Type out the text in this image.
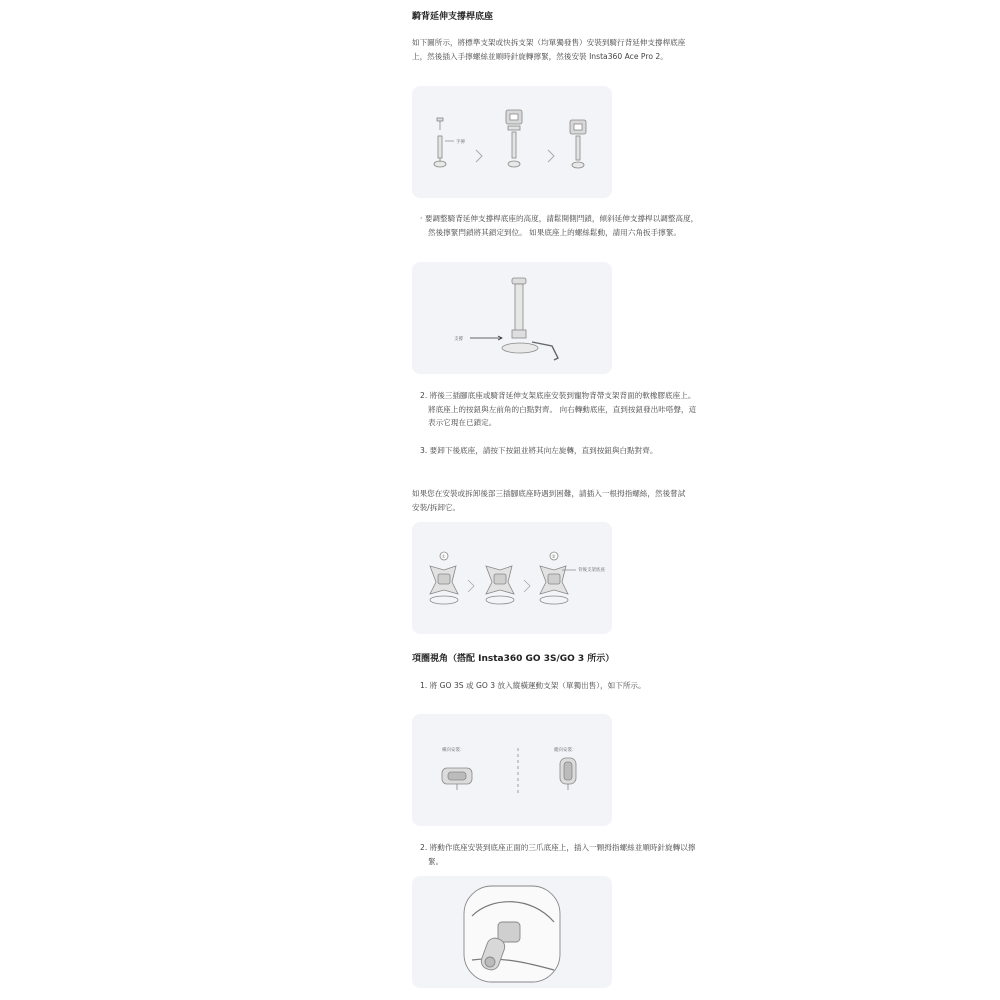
騎背延伸支撐桿底座
如下圖所示，將標準支架或快拆支架（均單獨發售）安裝到騎行背延伸支撐桿底座上，然後插入手擰螺絲並順時針旋轉擰緊，然後安裝 Insta360 Ace Pro 2。
手擰
· 要調整騎背延伸支撐桿底座的高度，請鬆開側閂鎖，傾斜延伸支撐桿以調整高度，然後擰緊閂鎖將其鎖定到位。 如果底座上的螺絲鬆動，請用六角扳手擰緊。
支撐
2. 將後三插腳底座或騎背延伸支架底座安裝到寵物背帶支架背面的軟橡膠底座上。 將底座上的按鈕與左前角的白點對齊。 向右轉動底座，直到按鈕發出咔嗒聲，這表示它現在已鎖定。
3. 要卸下後底座，請按下按鈕並將其向左旋轉，直到按鈕與白點對齊。
如果您在安裝或拆卸後部三插腳底座時遇到困難，請插入一根拇指螺絲，然後嘗試安裝/拆卸它。
①	②
背後支架底座
項圈視角（搭配 Insta360 GO 3S/GO 3 所示）
1. 將 GO 3S 或 GO 3 放入縱橫運動支架（單獨出售），如下所示。
橫向安裝：	縱向安裝：
2. 將動作底座安裝到底座正面的三爪底座上，插入一顆拇指螺絲並順時針旋轉以擰緊。
